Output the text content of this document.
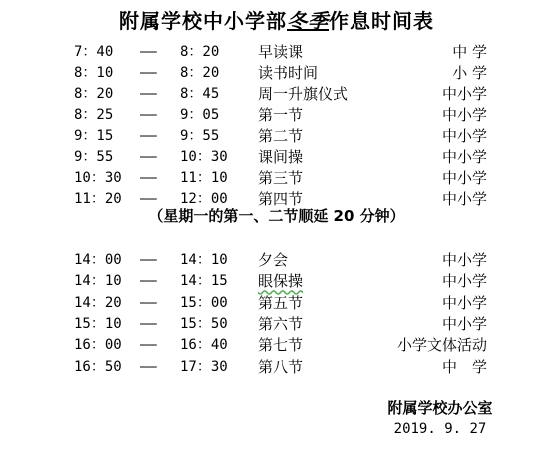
附属学校中小学部冬季作息时间表
7：40 —— 8：20	早读课	中 学
8：10 —— 8：20	读书时间	小 学
8：20 —— 8：45	周一升旗仪式	中小学
8：25 —— 9：05	第一节	中小学
9：15 —— 9：55	第二节	中小学
9：55 —— 10：30 课间操	中小学
10：30 —— 11：10 第三节	中小学
11：20 —— 12：00 第四节	中小学
（星期一的第一、二节顺延 20 分钟）
14：00 —— 14：10 夕会	中小学
14：10 —— 14：15 眼保操	中小学
14：20 —— 15：00 第五节	中小学
15：10 —— 15：50 第六节	中小学
16：00 —— 16：40 第七节	小学文体活动
16：50 —— 17：30 第八节	中　学
附属学校办公室
2019. 9. 27
